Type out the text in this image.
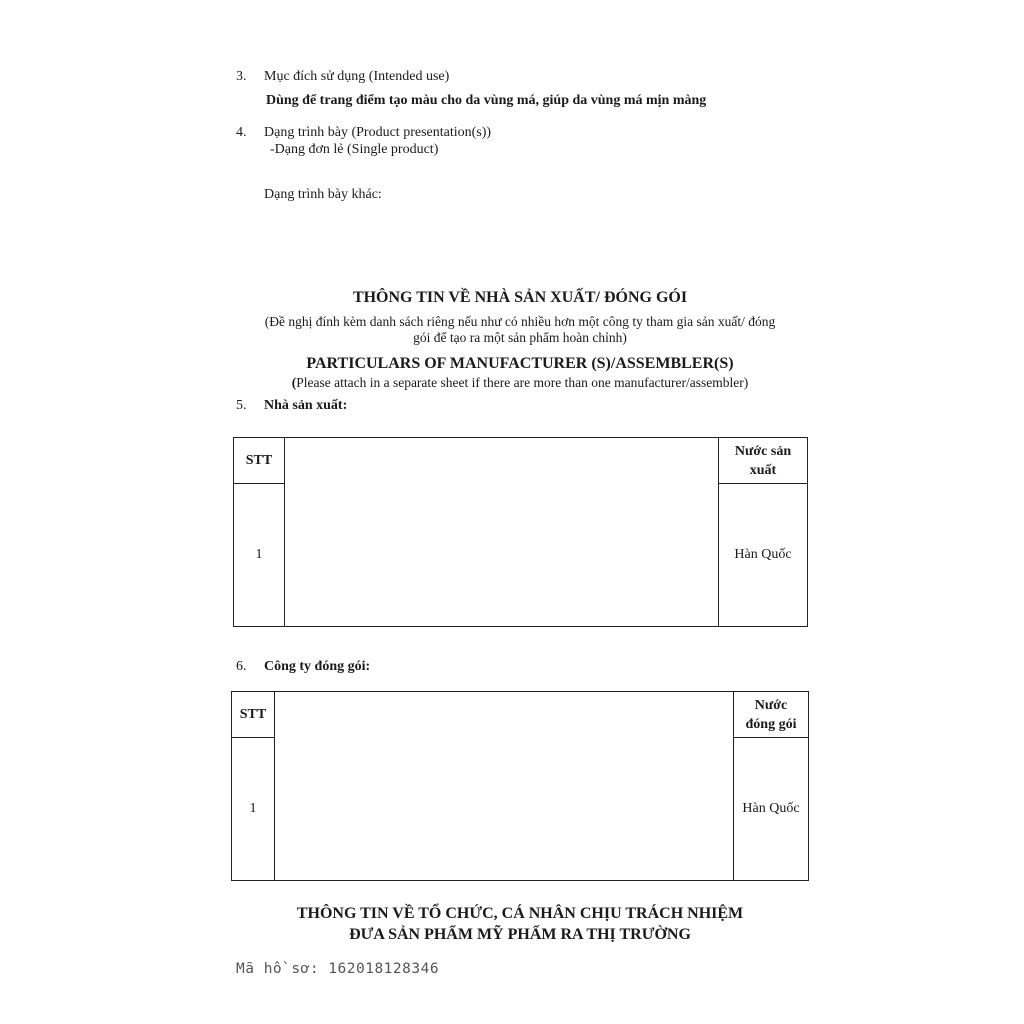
3. Mục đích sử dụng (Intended use)
Dùng để trang điểm tạo màu cho da vùng má, giúp da vùng má mịn màng
4. Dạng trình bày (Product presentation(s))
-Dạng đơn lẻ (Single product)
Dạng trình bày khác:
THÔNG TIN VỀ NHÀ SẢN XUẤT/ ĐÓNG GÓI
(Đề nghị đính kèm danh sách riêng nếu như có nhiều hơn một công ty tham gia sản xuất/ đóng
gói để tạo ra một sản phẩm hoàn chỉnh)
PARTICULARS OF MANUFACTURER (S)/ASSEMBLER(S)
(Please attach in a separate sheet if there are more than one manufacturer/assembler)
5. Nhà sản xuất:
STT		Nước sản
xuất

1		Hàn Quốc
6. Công ty đóng gói:
STT		Nước
đóng gói

1		Hàn Quốc
THÔNG TIN VỀ TỔ CHỨC, CÁ NHÂN CHỊU TRÁCH NHIỆM
ĐƯA SẢN PHẨM MỸ PHẨM RA THỊ TRƯỜNG
Mã hồ sơ: 162018128346
